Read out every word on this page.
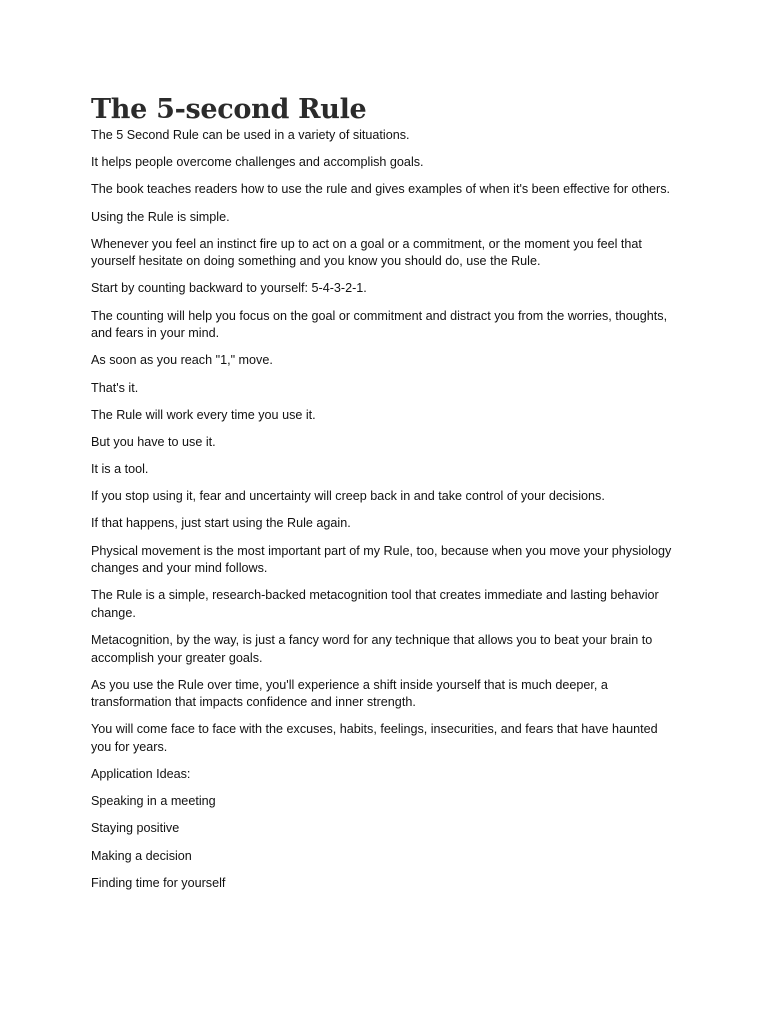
The 5-second Rule

The 5 Second Rule can be used in a variety of situations.

It helps people overcome challenges and accomplish goals.

The book teaches readers how to use the rule and gives examples of when it's been effective for others.

Using the Rule is simple.

Whenever you feel an instinct fire up to act on a goal or a commitment, or the moment you feel that yourself hesitate on doing something and you know you should do, use the Rule.

Start by counting backward to yourself: 5-4-3-2-1.

The counting will help you focus on the goal or commitment and distract you from the worries, thoughts, and fears in your mind.

As soon as you reach "1," move.

That's it.

The Rule will work every time you use it.

But you have to use it.

It is a tool.

If you stop using it, fear and uncertainty will creep back in and take control of your decisions.

If that happens, just start using the Rule again.

Physical movement is the most important part of my Rule, too, because when you move your physiology changes and your mind follows.

The Rule is a simple, research-backed metacognition tool that creates immediate and lasting behavior change.

Metacognition, by the way, is just a fancy word for any technique that allows you to beat your brain to accomplish your greater goals.

As you use the Rule over time, you'll experience a shift inside yourself that is much deeper, a transformation that impacts confidence and inner strength.

You will come face to face with the excuses, habits, feelings, insecurities, and fears that have haunted you for years.

Application Ideas:

Speaking in a meeting

Staying positive

Making a decision

Finding time for yourself
